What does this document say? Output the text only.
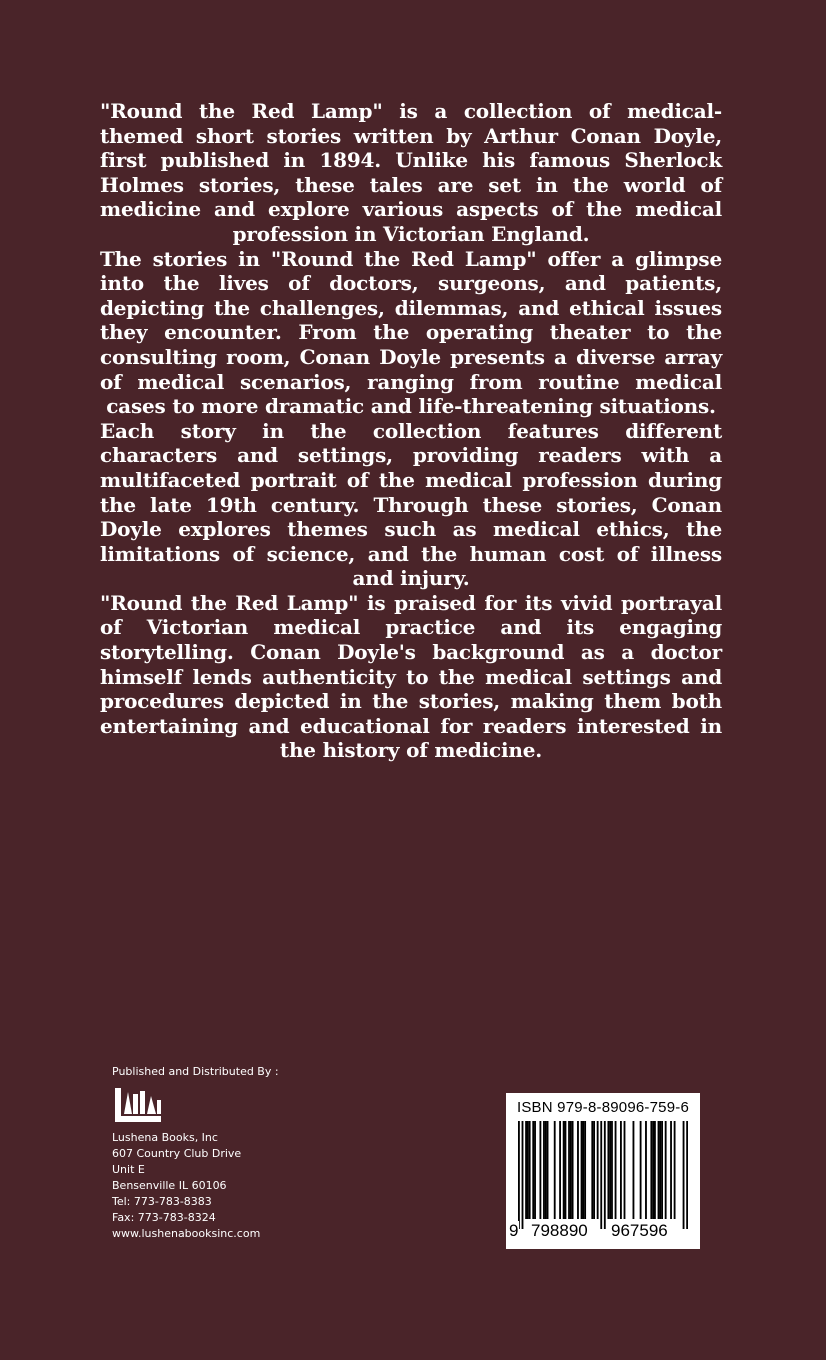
"Round the Red Lamp" is a collection of medical-themed short stories written by Arthur Conan Doyle, first published in 1894. Unlike his famous Sherlock Holmes stories, these tales are set in the world of medicine and explore various aspects of the medical profession in Victorian England.

The stories in "Round the Red Lamp" offer a glimpse into the lives of doctors, surgeons, and patients, depicting the challenges, dilemmas, and ethical issues they encounter. From the operating theater to the consulting room, Conan Doyle presents a diverse array of medical scenarios, ranging from routine medical cases to more dramatic and life-threatening situations.

Each story in the collection features different characters and settings, providing readers with a multifaceted portrait of the medical profession during the late 19th century. Through these stories, Conan Doyle explores themes such as medical ethics, the limitations of science, and the human cost of illness and injury.

"Round the Red Lamp" is praised for its vivid portrayal of Victorian medical practice and its engaging storytelling. Conan Doyle's background as a doctor himself lends authenticity to the medical settings and procedures depicted in the stories, making them both entertaining and educational for readers interested in the history of medicine.

Published and Distributed By :
Lushena Books, Inc
607 Country Club Drive
Unit E
Bensenville IL 60106
Tel: 773-783-8383
Fax: 773-783-8324
www.lushenabooksinc.com
ISBN 979-8-89096-759-6
9 798890 967596
